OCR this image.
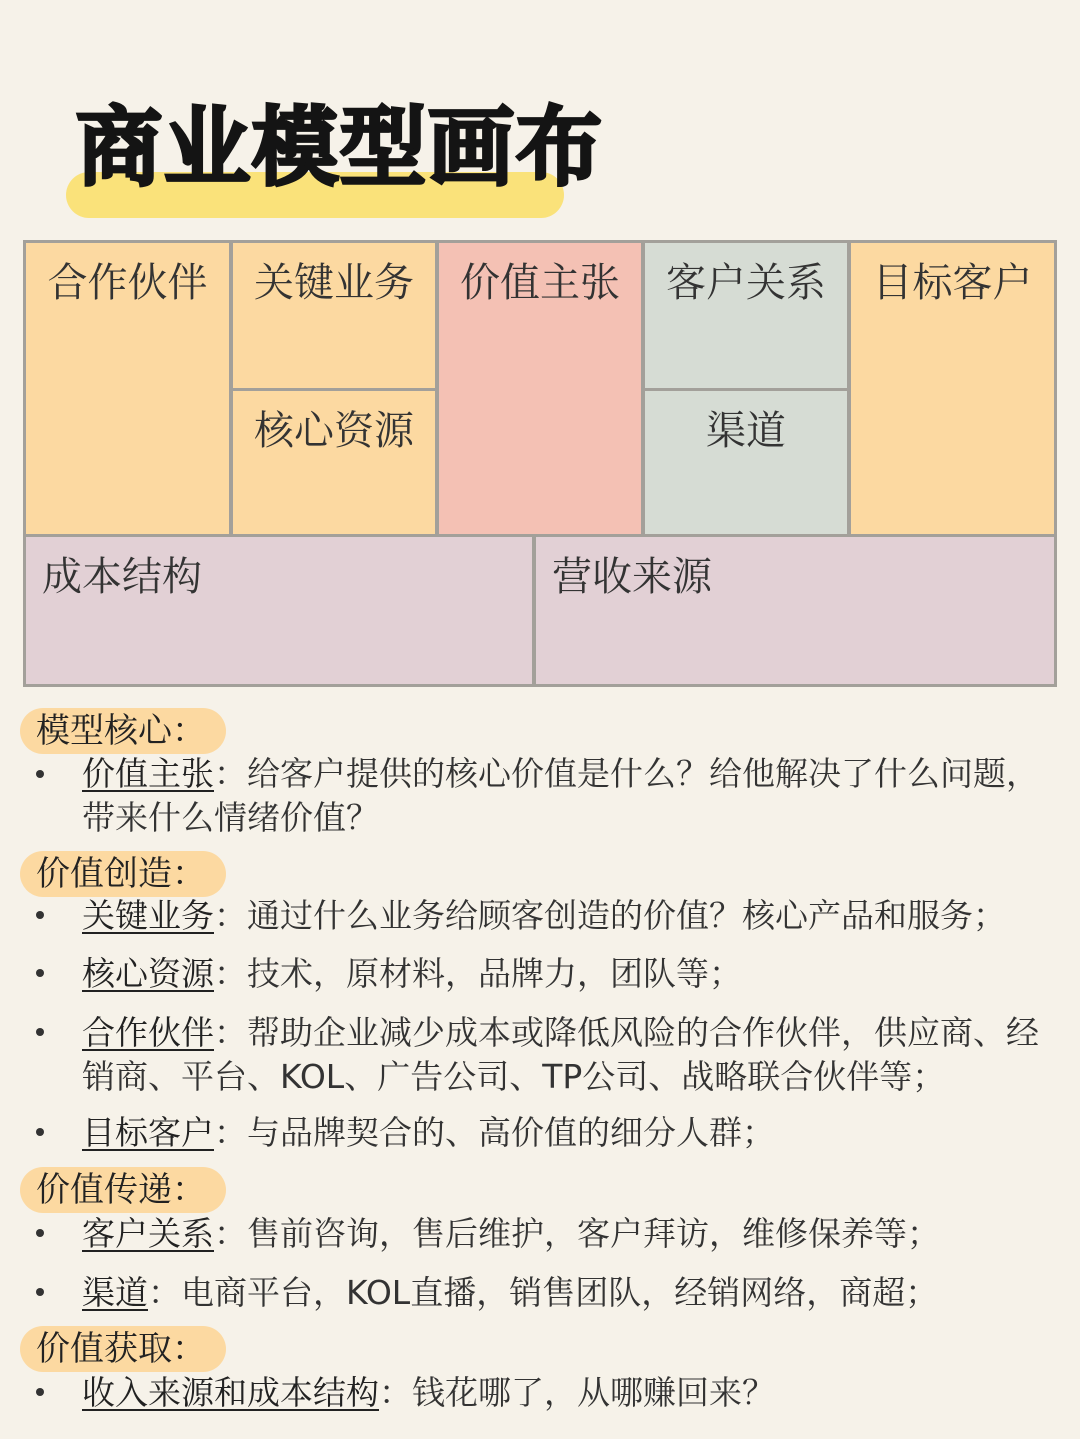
商业模型画布
合作伙伴	关键业务
核心资源
价值主张	客户关系
渠道
目标客户
成本结构	营收来源
模型核心：

价值主张：给客户提供的核心价值是什么？给他解决了什么问题，带来什么情绪价值？

价值创造：

关键业务：通过什么业务给顾客创造的价值？核心产品和服务；

核心资源：技术，原材料，品牌力，团队等；

合作伙伴：帮助企业减少成本或降低风险的合作伙伴，供应商、经销商、平台、KOL、广告公司、TP公司、战略联合伙伴等；

目标客户：与品牌契合的、高价值的细分人群；

价值传递：

客户关系：售前咨询，售后维护，客户拜访，维修保养等；

渠道：电商平台，KOL直播，销售团队，经销网络，商超；

价值获取：

收入来源和成本结构：钱花哪了，从哪赚回来？
